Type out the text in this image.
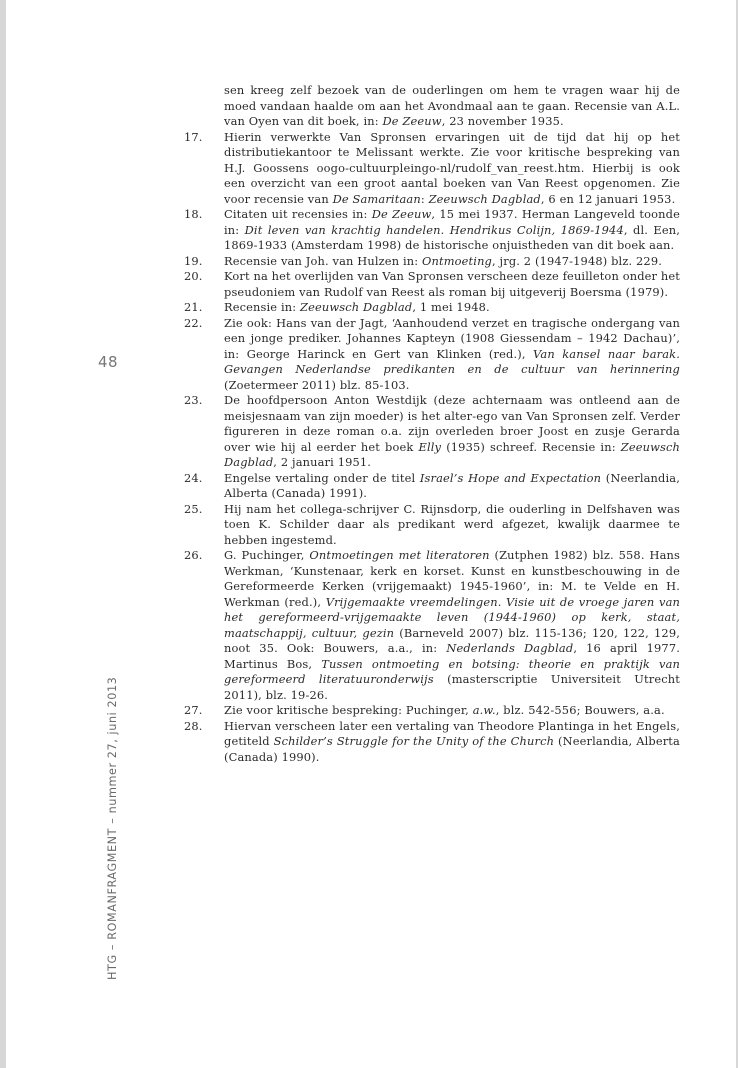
48
HTG – ROMANFRAGMENT – nummer 27, juni 2013

sen kreeg zelf bezoek van de ouderlingen om hem te vragen waar hij de moed vandaan haalde om aan het Avondmaal aan te gaan. Recensie van A.L. van Oyen van dit boek, in: De Zeeuw, 23 november 1935.

17. Hierin verwerkte Van Spronsen ervaringen uit de tijd dat hij op het distributiekantoor te Melissant werkte. Zie voor kritische bespreking van H.J. Goossens oogo-cultuurpleingo-nl/rudolf_van_reest.htm. Hierbij is ook een overzicht van een groot aantal boeken van Van Reest opgenomen. Zie voor recensie van De Samaritaan: Zeeuwsch Dagblad, 6 en 12 januari 1953.

18. Citaten uit recensies in: De Zeeuw, 15 mei 1937. Herman Langeveld toonde in: Dit leven van krachtig handelen. Hendrikus Colijn, 1869-1944, dl. Een, 1869-1933 (Amsterdam 1998) de historische onjuistheden van dit boek aan.

19. Recensie van Joh. van Hulzen in: Ontmoeting, jrg. 2 (1947-1948) blz. 229.

20. Kort na het overlijden van Van Spronsen verscheen deze feuilleton onder het pseudoniem van Rudolf van Reest als roman bij uitgeverij Boersma (1979).

21. Recensie in: Zeeuwsch Dagblad, 1 mei 1948.

22. Zie ook: Hans van der Jagt, ‘Aanhoudend verzet en tragische ondergang van een jonge prediker. Johannes Kapteyn (1908 Giessendam – 1942 Dachau)’, in: George Harinck en Gert van Klinken (red.), Van kansel naar barak. Gevangen Nederlandse predikanten en de cultuur van herinnering (Zoetermeer 2011) blz. 85-103.

23. De hoofdpersoon Anton Westdijk (deze achternaam was ontleend aan de meisjesnaam van zijn moeder) is het alter-ego van Van Spronsen zelf. Verder figureren in deze roman o.a. zijn overleden broer Joost en zusje Gerarda over wie hij al eerder het boek Elly (1935) schreef. Recensie in: Zeeuwsch Dagblad, 2 januari 1951.

24. Engelse vertaling onder de titel Israel’s Hope and Expectation (Neerlandia, Alberta (Canada) 1991).

25. Hij nam het collega-schrijver C. Rijnsdorp, die ouderling in Delfshaven was toen K. Schilder daar als predikant werd afgezet, kwalijk daarmee te hebben ingestemd.

26. G. Puchinger, Ontmoetingen met literatoren (Zutphen 1982) blz. 558. Hans Werkman, ‘Kunstenaar, kerk en korset. Kunst en kunstbeschouwing in de Gereformeerde Kerken (vrijgemaakt) 1945-1960’, in: M. te Velde en H. Werkman (red.), Vrijgemaakte vreemdelingen. Visie uit de vroege jaren van het gereformeerd-vrijgemaakte leven (1944-1960) op kerk, staat, maatschappij, cultuur, gezin (Barneveld 2007) blz. 115-136; 120, 122, 129, noot 35. Ook: Bouwers, a.a., in: Nederlands Dagblad, 16 april 1977. Martinus Bos, Tussen ontmoeting en botsing: theorie en praktijk van gereformeerd literatuuronderwijs (masterscriptie Universiteit Utrecht 2011), blz. 19-26.

27. Zie voor kritische bespreking: Puchinger, a.w., blz. 542-556; Bouwers, a.a.

28. Hiervan verscheen later een vertaling van Theodore Plantinga in het Engels, getiteld Schilder’s Struggle for the Unity of the Church (Neerlandia, Alberta (Canada) 1990).
